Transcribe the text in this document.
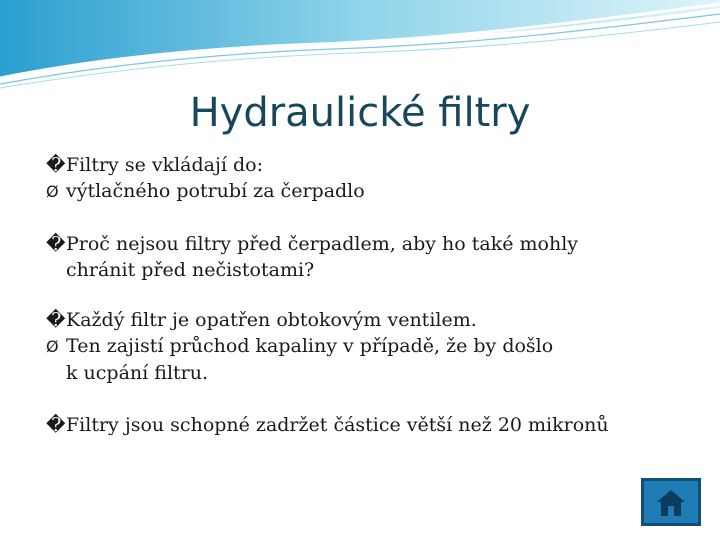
Hydraulické filtry
�Filtry se vkládají do:
Ø výtlačného potrubí za čerpadlo
�Proč nejsou filtry před čerpadlem, aby ho také mohly
chránit před nečistotami?
�Každý filtr je opatřen obtokovým ventilem.
Ø Ten zajistí průchod kapaliny v případě, že by došlo
k ucpání filtru.
�Filtry jsou schopné zadržet částice větší než 20 mikronů
